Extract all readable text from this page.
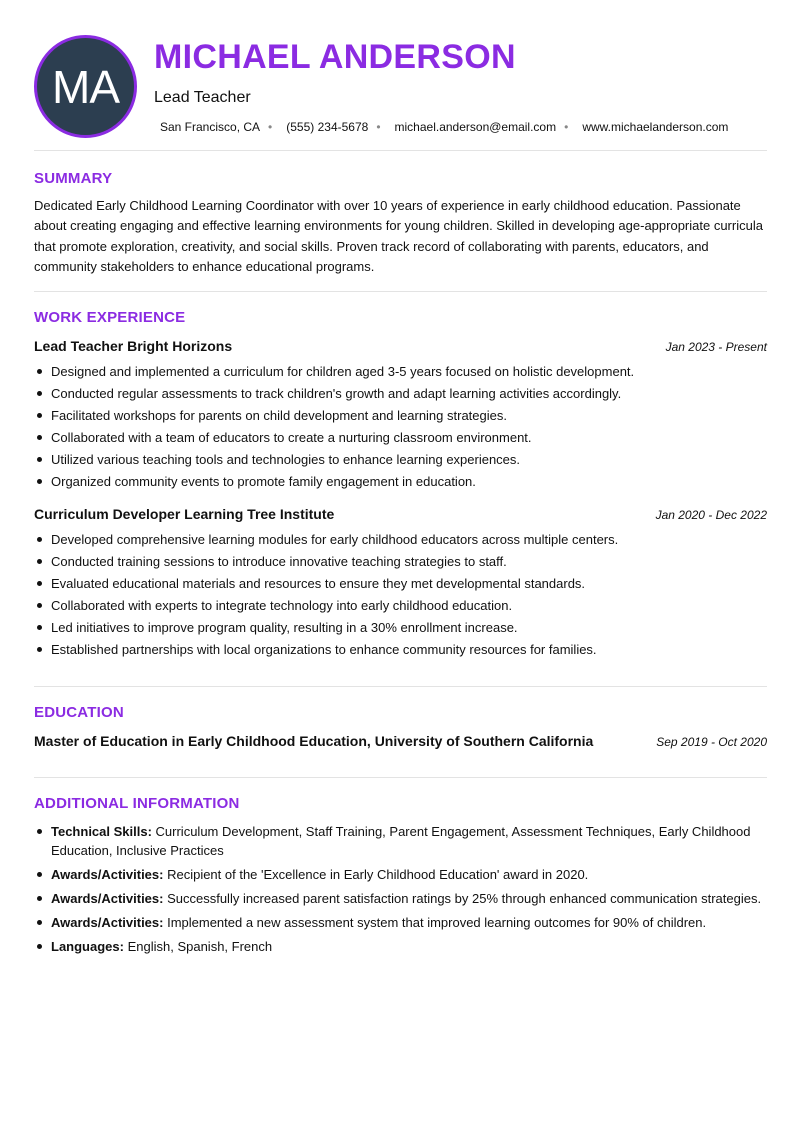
MA
MICHAEL ANDERSON
Lead Teacher
San Francisco, CA • (555) 234-5678 • michael.anderson@email.com • www.michaelanderson.com
SUMMARY
Dedicated Early Childhood Learning Coordinator with over 10 years of experience in early childhood education. Passionate about creating engaging and effective learning environments for young children. Skilled in developing age-appropriate curricula that promote exploration, creativity, and social skills. Proven track record of collaborating with parents, educators, and community stakeholders to enhance educational programs.
WORK EXPERIENCE
Lead Teacher Bright Horizons	Jan 2023 - Present
Designed and implemented a curriculum for children aged 3-5 years focused on holistic development.
Conducted regular assessments to track children's growth and adapt learning activities accordingly.
Facilitated workshops for parents on child development and learning strategies.
Collaborated with a team of educators to create a nurturing classroom environment.
Utilized various teaching tools and technologies to enhance learning experiences.
Organized community events to promote family engagement in education.
Curriculum Developer Learning Tree Institute	Jan 2020 - Dec 2022
Developed comprehensive learning modules for early childhood educators across multiple centers.
Conducted training sessions to introduce innovative teaching strategies to staff.
Evaluated educational materials and resources to ensure they met developmental standards.
Collaborated with experts to integrate technology into early childhood education.
Led initiatives to improve program quality, resulting in a 30% enrollment increase.
Established partnerships with local organizations to enhance community resources for families.
EDUCATION
Master of Education in Early Childhood Education, University of Southern California	Sep 2019 - Oct 2020
ADDITIONAL INFORMATION
Technical Skills: Curriculum Development, Staff Training, Parent Engagement, Assessment Techniques, Early Childhood Education, Inclusive Practices
Awards/Activities: Recipient of the 'Excellence in Early Childhood Education' award in 2020.
Awards/Activities: Successfully increased parent satisfaction ratings by 25% through enhanced communication strategies.
Awards/Activities: Implemented a new assessment system that improved learning outcomes for 90% of children.
Languages: English, Spanish, French
